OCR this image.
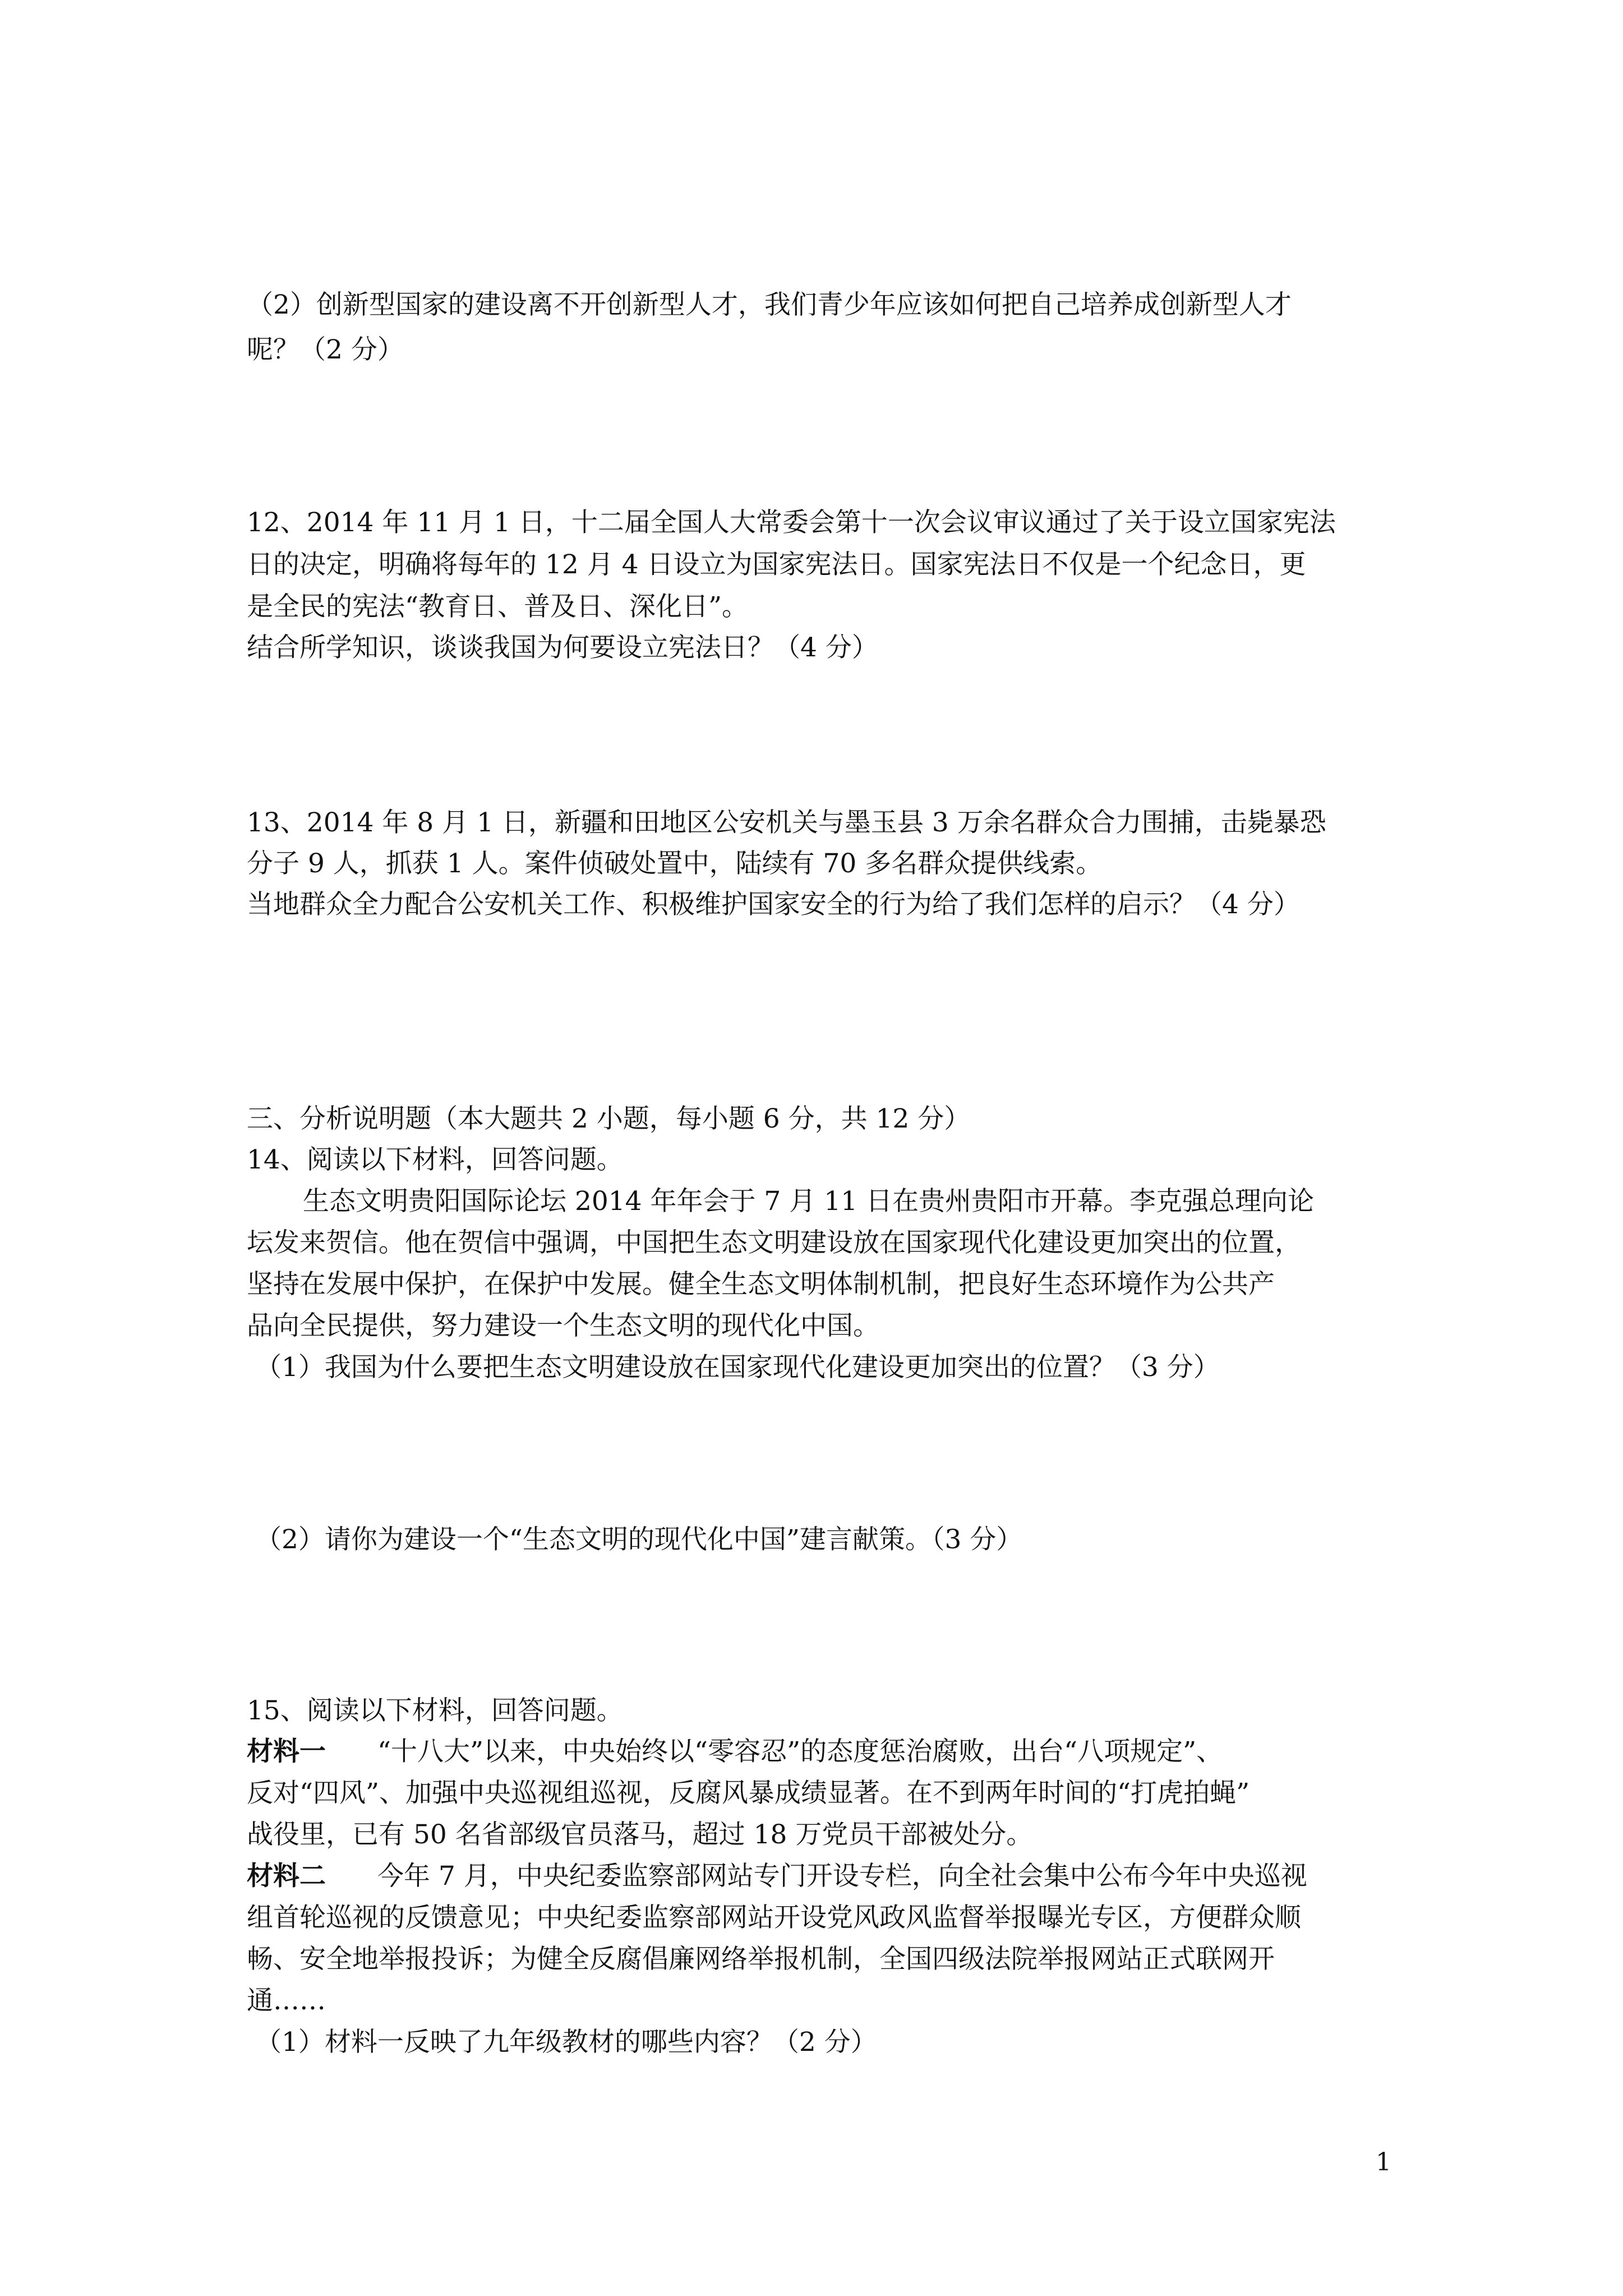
（2）创新型国家的建设离不开创新型人才，我们青少年应该如何把自己培养成创新型人才
呢？（2 分）
12、2014 年 11 月 1 日，十二届全国人大常委会第十一次会议审议通过了关于设立国家宪法
日的决定，明确将每年的 12 月 4 日设立为国家宪法日。国家宪法日不仅是一个纪念日，更
是全民的宪法“教育日、普及日、深化日”。
结合所学知识，谈谈我国为何要设立宪法日？（4 分）
13、2014 年 8 月 1 日，新疆和田地区公安机关与墨玉县 3 万余名群众合力围捕，击毙暴恐
分子 9 人，抓获 1 人。案件侦破处置中，陆续有 70 多名群众提供线索。
当地群众全力配合公安机关工作、积极维护国家安全的行为给了我们怎样的启示？（4 分）
三、分析说明题（本大题共 2 小题，每小题 6 分，共 12 分）
14、阅读以下材料，回答问题。
生态文明贵阳国际论坛 2014 年年会于 7 月 11 日在贵州贵阳市开幕。李克强总理向论
坛发来贺信。他在贺信中强调，中国把生态文明建设放在国家现代化建设更加突出的位置，
坚持在发展中保护，在保护中发展。健全生态文明体制机制，把良好生态环境作为公共产
品向全民提供，努力建设一个生态文明的现代化中国。
（1）我国为什么要把生态文明建设放在国家现代化建设更加突出的位置？（3 分）
（2）请你为建设一个“生态文明的现代化中国”建言献策。（3 分）
15、阅读以下材料，回答问题。
材料一 “十八大”以来，中央始终以“零容忍”的态度惩治腐败，出台“八项规定”、
反对“四风”、加强中央巡视组巡视，反腐风暴成绩显著。在不到两年时间的“打虎拍蝇”
战役里，已有 50 名省部级官员落马，超过 18 万党员干部被处分。
材料二 今年 7 月，中央纪委监察部网站专门开设专栏，向全社会集中公布今年中央巡视
组首轮巡视的反馈意见；中央纪委监察部网站开设党风政风监督举报曝光专区，方便群众顺
畅、安全地举报投诉；为健全反腐倡廉网络举报机制，全国四级法院举报网站正式联网开
通……
（1）材料一反映了九年级教材的哪些内容？（2 分）
1
